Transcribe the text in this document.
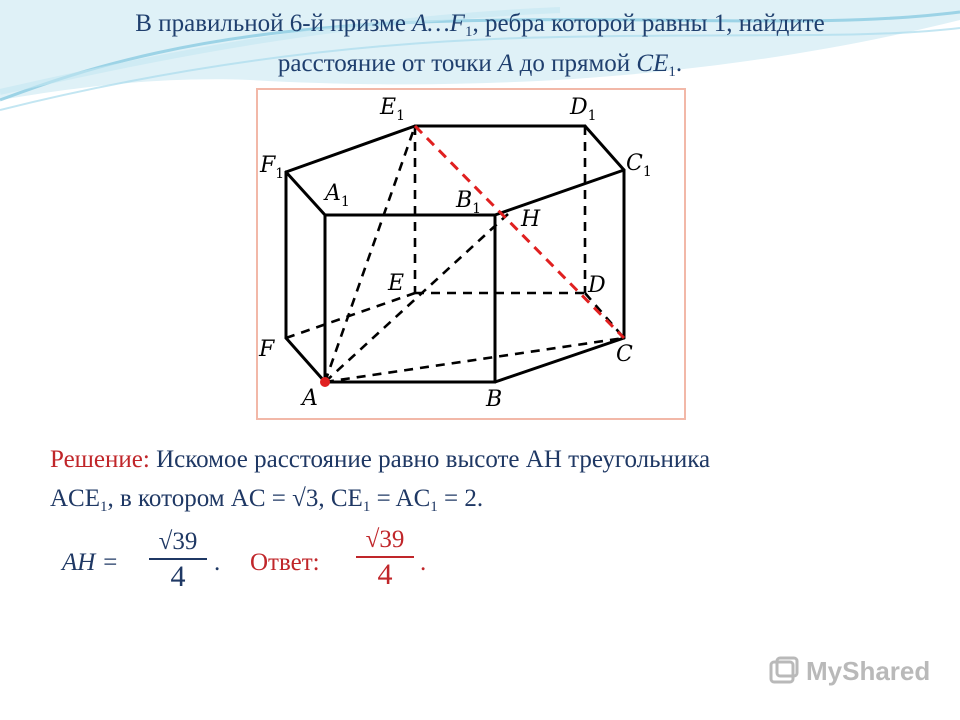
В правильной 6-й призме $A\dots F_1$, ребра которой равны 1, найдите
расстояние от точки A до прямой $CE_1$.
$E_1$	$D_1$
$F_1$	$C_1$
$A_1$	$B_1$ H
E	D
F	C
A	B
Решение: Искомое расстояние равно высоте AH треугольника
$ACE_1$, в котором AC = √3, $CE_1 = AC_1 = 2$.
AH =
√39
4	. Ответ:
√39
4	.
MyShared
